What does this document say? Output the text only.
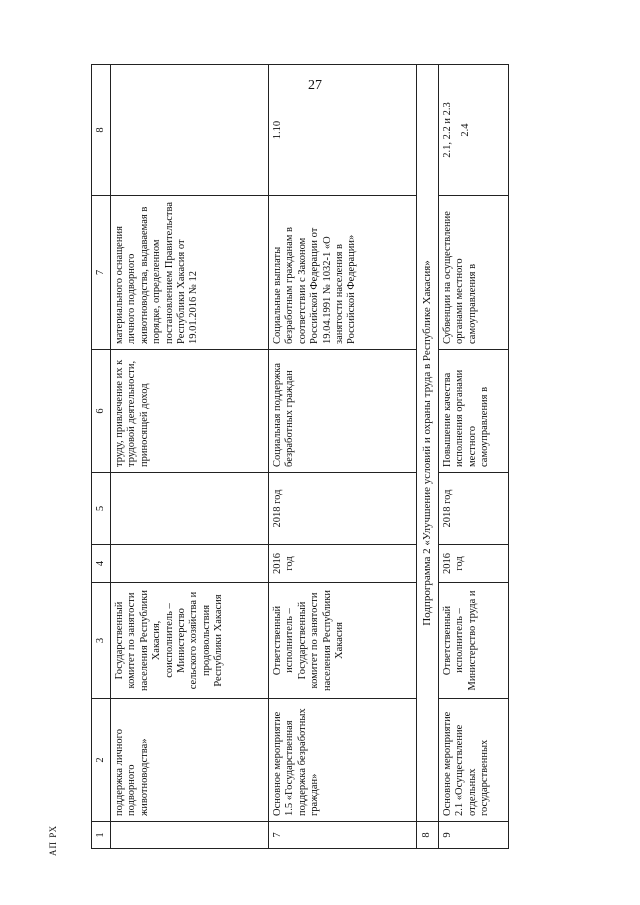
27
1	2	3	4	5	6	7	8
	поддержка личного подворного животноводства»	Государственный комитет по занятости населения Республики Хакасия, соисполнитель – Министерство сельского хозяйства и продовольствия Республики Хакасия			труду, привлечение их к трудовой деятельности, приносящей доход	материального оснащения личного подворного животноводства, выдаваемая в порядке, определенном постановлением Правительства Республики Хакасия от 19.01.2016 № 12	
7	Основное мероприятие 1.5 «Государственная поддержка безработных граждан»	Ответственный исполнитель – Государственный комитет по занятости населения Республики Хакасия	2016 год	2018 год	Социальная поддержка безработных граждан	Социальные выплаты безработным гражданам в соответствии с Законом Российской Федерации от 19.04.1991 № 1032-1 «О занятости населения в Российской Федерации»	1.10
8	Подпрограмма 2 «Улучшение условий и охраны труда в Республике Хакасия»						
9	Основное мероприятие 2.1 «Осуществление отдельных государственных	Ответственный исполнитель – Министерство труда и	2016 год	2018 год	Повышение качества исполнения органами местного самоуправления в	Субвенции на осуществление органами местного самоуправления в	2.1, 2.2 и 2.3 2.4
АП РХ
